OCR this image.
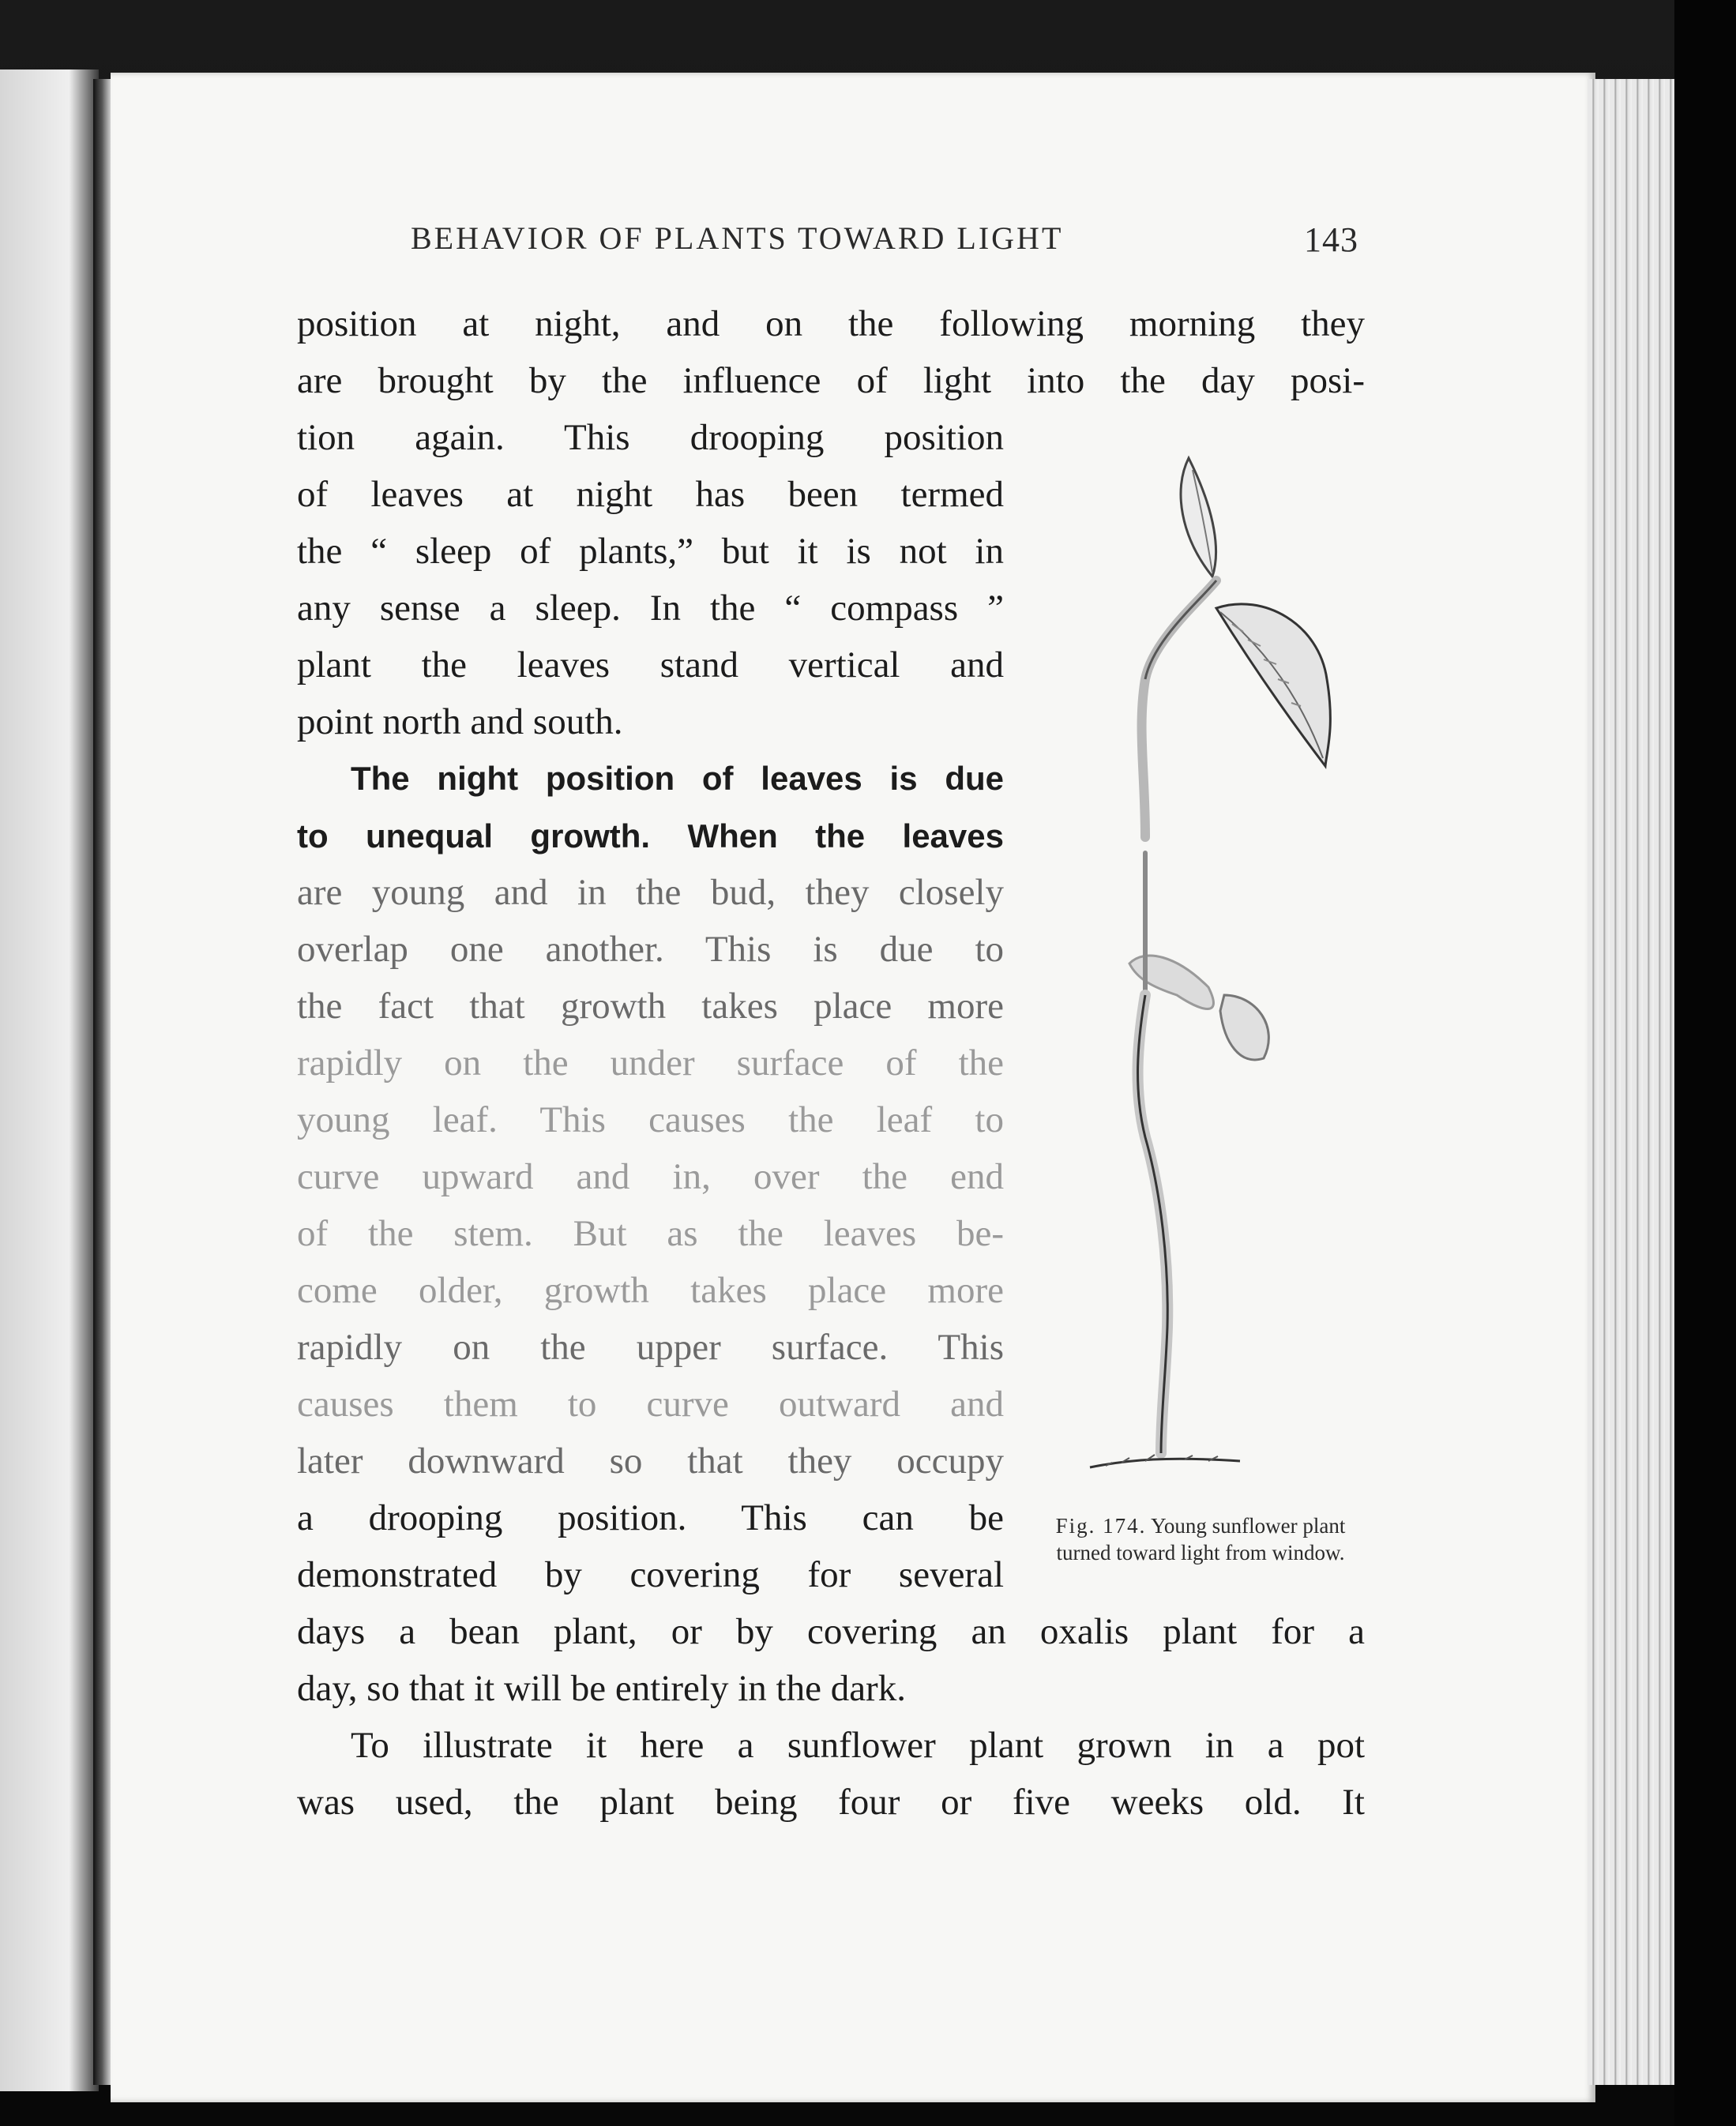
BEHAVIOR OF PLANTS TOWARD LIGHT	143
position at night, and on the following morning they
are brought by the influence of light into the day posi-
tion again. This drooping position
of leaves at night has been termed
the “ sleep of plants,” but it is not in
any sense a sleep. In the “ compass ”
plant the leaves stand vertical and
point north and south.
The night position of leaves is due
to unequal growth. When the leaves
are young and in the bud, they closely
overlap one another. This is due to
the fact that growth takes place more
rapidly on the under surface of the
young leaf. This causes the leaf to
curve upward and in, over the end
of the stem. But as the leaves be-
come older, growth takes place more
rapidly on the upper surface. This
causes them to curve outward and
later downward so that they occupy
a drooping position. This can be
demonstrated by covering for several
days a bean plant, or by covering an oxalis plant for a
day, so that it will be entirely in the dark.
To illustrate it here a sunflower plant grown in a pot
was used, the plant being four or five weeks old. It
Fig. 174. Young sunflower plant turned toward light from window.
